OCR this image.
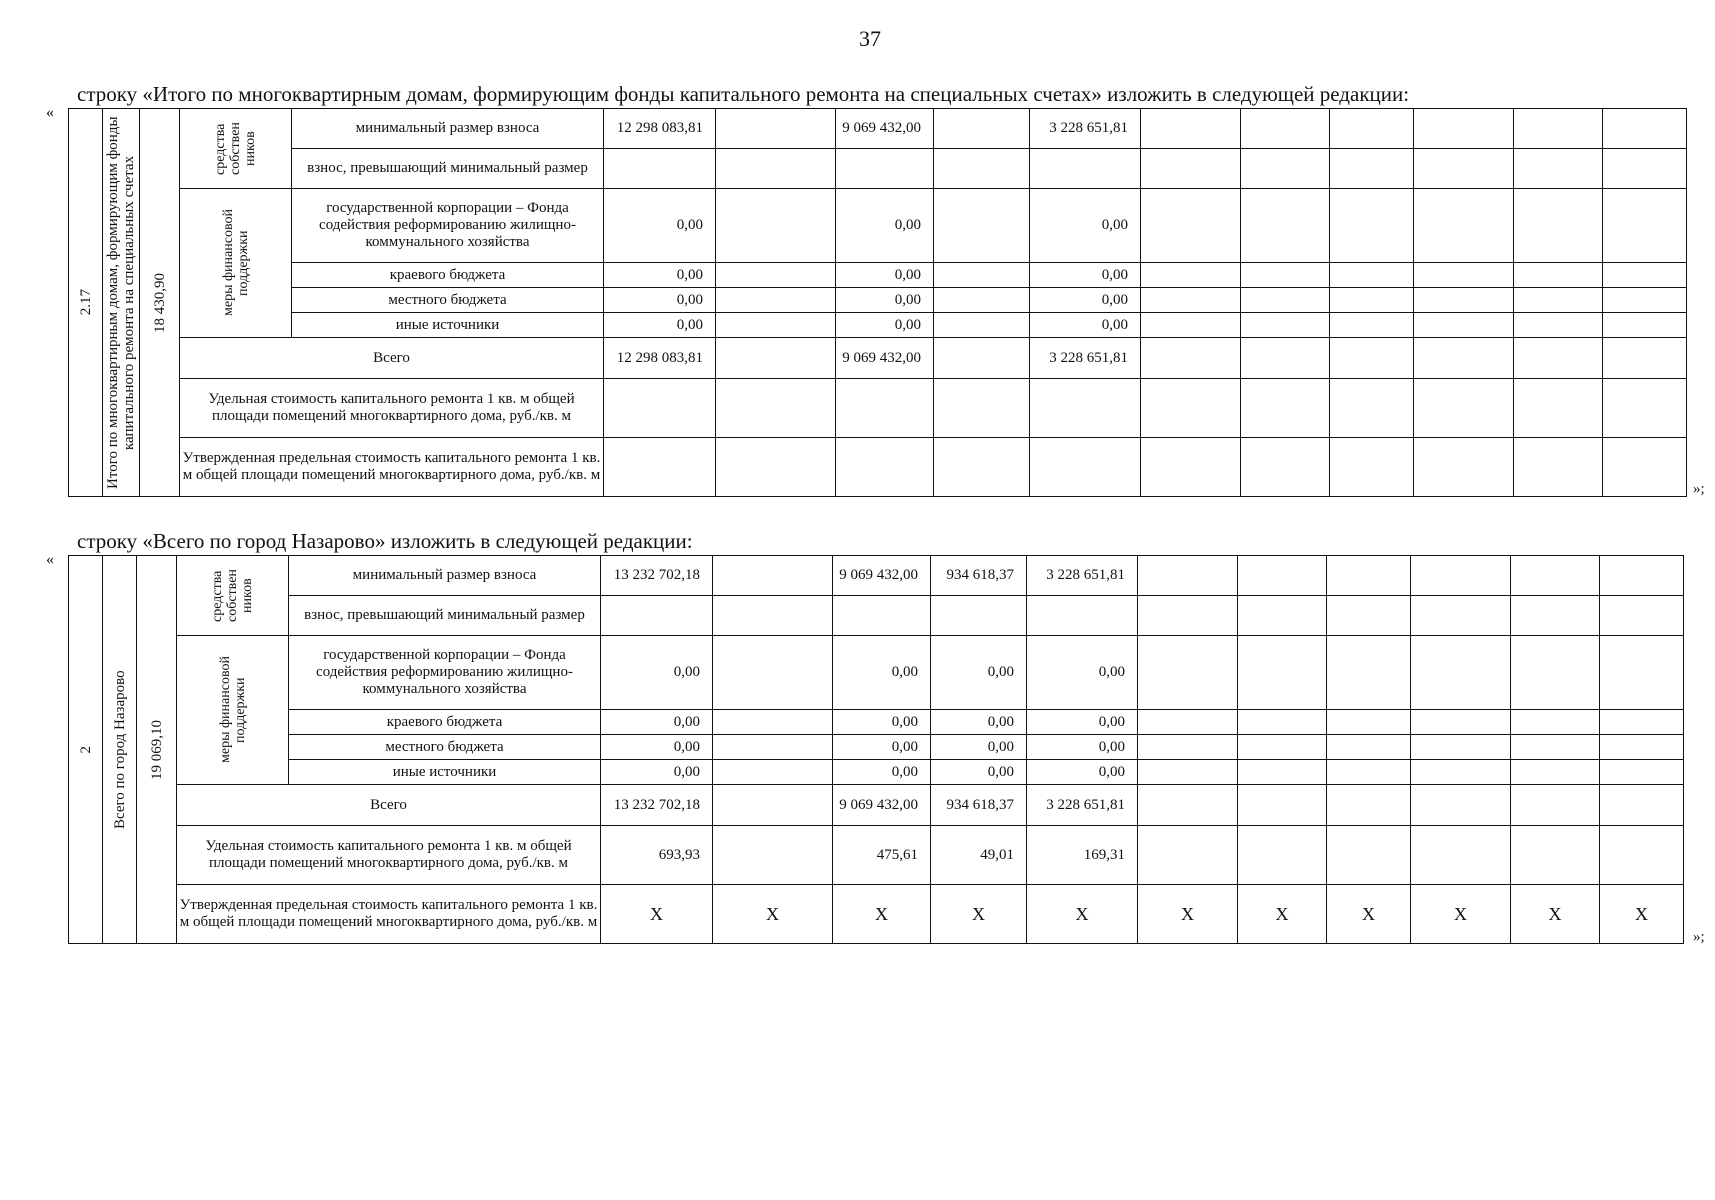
37
строку «Итого по многоквартирным домам, формирующим фонды капитального ремонта на специальных счетах» изложить в следующей редакции:
«
»;
2.17	Итого по многоквартирным домам, формирующим фонды капитального ремонта на специальных счетах	18 430,90	средства собствен ников	минимальный размер взноса	12 298 083,81		9 069 432,00		3 228 651,81						
				взнос, превышающий минимальный размер											

			меры финансовой поддержки	государственной корпорации – Фонда содействия реформированию жилищно-коммунального хозяйства	0,00		0,00		0,00						
				краевого бюджета	0,00		0,00		0,00						
				местного бюджета	0,00		0,00		0,00						
				иные источники	0,00		0,00		0,00						
			Всего		12 298 083,81		9 069 432,00		3 228 651,81						
			Удельная стоимость капитального ремонта 1 кв. м общей площади помещений многоквартирного дома, руб./кв. м												
			Утвержденная предельная стоимость капитального ремонта 1 кв. м общей площади помещений многоквартирного дома, руб./кв. м												
строку «Всего по город Назарово» изложить в следующей редакции:
«
»;
2	Всего по город Назарово	19 069,10	средства собствен ников	минимальный размер взноса	13 232 702,18		9 069 432,00	934 618,37	3 228 651,81						
				взнос, превышающий минимальный размер											

			меры финансовой поддержки	государственной корпорации – Фонда содействия реформированию жилищно-коммунального хозяйства	0,00		0,00	0,00	0,00						
				краевого бюджета	0,00		0,00	0,00	0,00						
				местного бюджета	0,00		0,00	0,00	0,00						
				иные источники	0,00		0,00	0,00	0,00						
			Всего		13 232 702,18		9 069 432,00	934 618,37	3 228 651,81						
			Удельная стоимость капитального ремонта 1 кв. м общей площади помещений многоквартирного дома, руб./кв. м		693,93		475,61	49,01	169,31						
			Утвержденная предельная стоимость капитального ремонта 1 кв. м общей площади помещений многоквартирного дома, руб./кв. м		X	X	X	X	X	X	X	X	X	X	X
